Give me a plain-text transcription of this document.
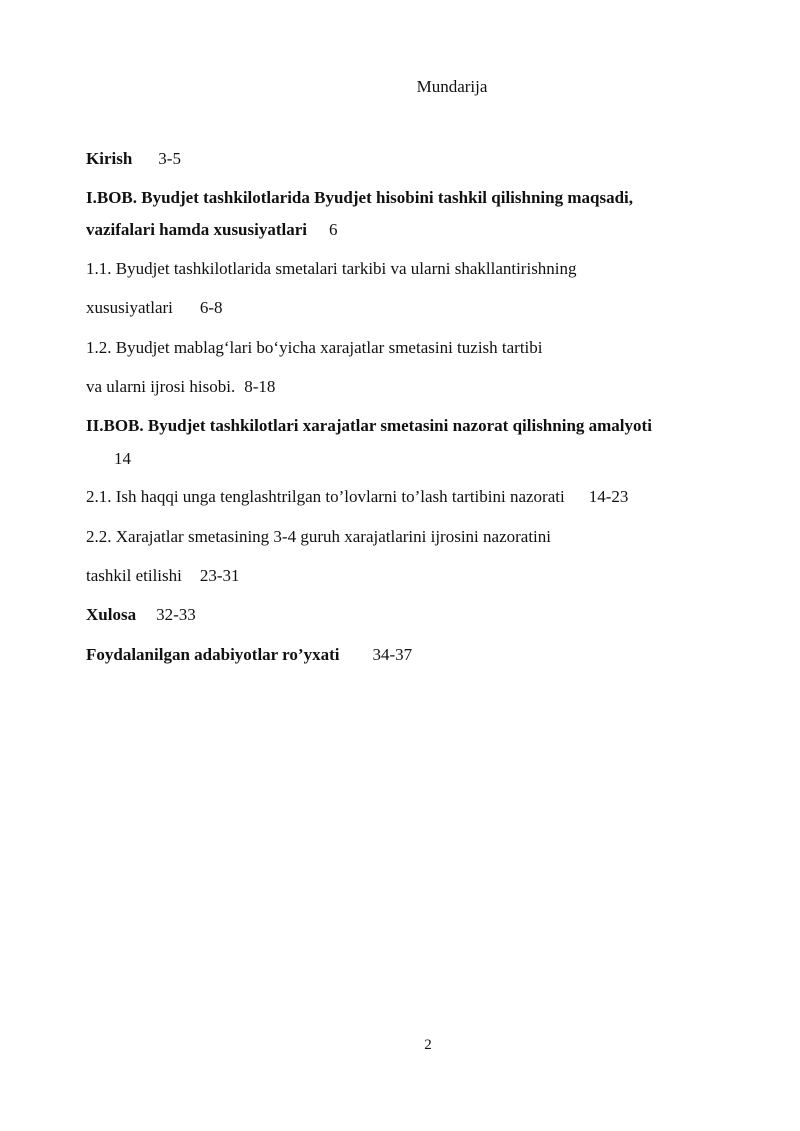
Mundarija
Kirish 3-5
I.BOB. Byudjet tashkilotlarida Byudjet hisobini tashkil qilishning maqsadi,
vazifalari hamda xususiyatlari 6
1.1. Byudjet tashkilotlarida smetalari tarkibi va ularni shakllantirishning
xususiyatlari 6-8
1.2. Byudjet mablag‘lari bo‘yicha xarajatlar smetasini tuzish tartibi
va ularni ijrosi hisobi. 8-18
II.BOB. Byudjet tashkilotlari xarajatlar smetasini nazorat qilishning amalyoti
14
2.1. Ish haqqi unga tenglashtrilgan to’lovlarni to’lash tartibini nazorati 14-23
2.2. Xarajatlar smetasining 3-4 guruh xarajatlarini ijrosini nazoratini
tashkil etilishi 23-31
Xulosa 32-33
Foydalanilgan adabiyotlar ro’yxati 34-37
2
